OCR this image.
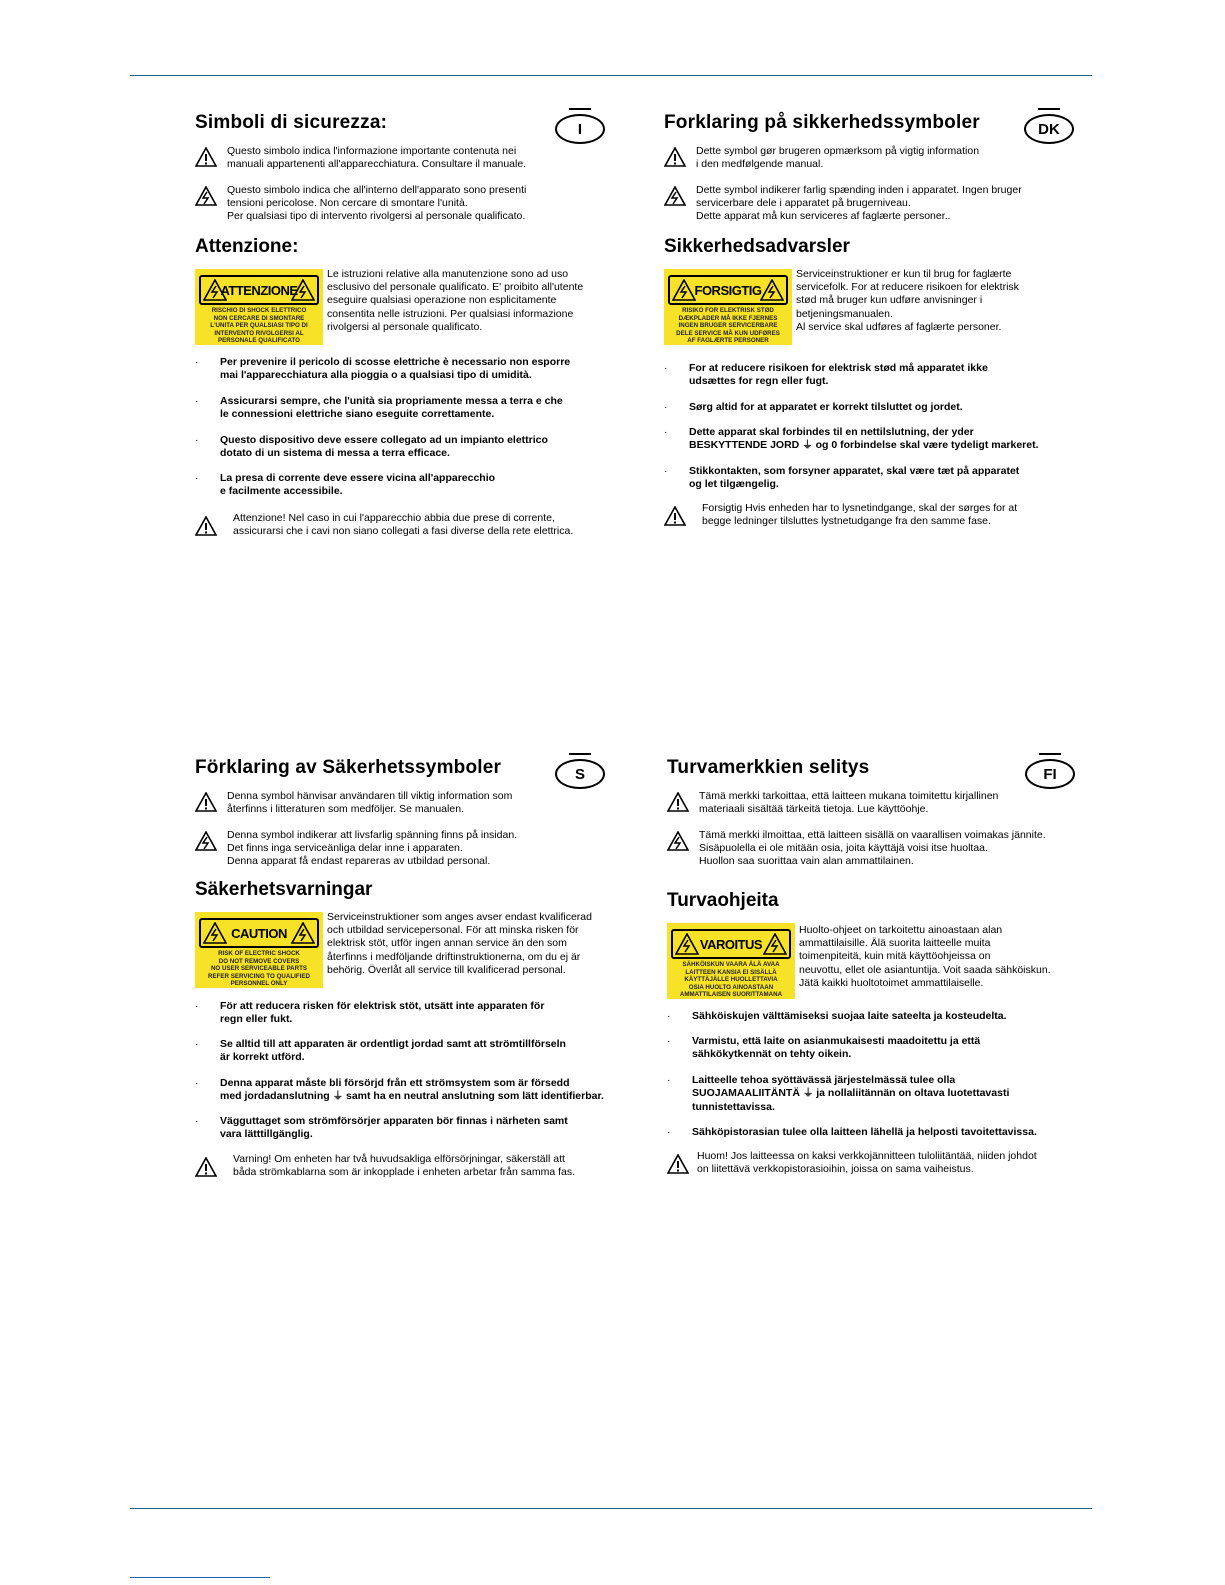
Simboli di sicurezza:	I
Questo simbolo indica l'informazione importante contenuta nei
manuali appartenenti all'apparecchiatura. Consultare il manuale.
Questo simbolo indica che all'interno dell'apparato sono presenti
tensioni pericolose. Non cercare di smontare l'unità.
Per qualsiasi tipo di intervento rivolgersi al personale qualificato.
Attenzione:
ATTENZIONE
RISCHIO DI SHOCK ELETTRICO
NON CERCARE DI SMONTARE
L'UNITA PER QUALSIASI TIPO DI
INTERVENTO RIVOLGERSI AL
PERSONALE QUALIFICATO
Le istruzioni relative alla manutenzione sono ad uso
esclusivo del personale qualificato. E' proibito all'utente
eseguire qualsiasi operazione non esplicitamente
consentita nelle istruzioni. Per qualsiasi informazione
rivolgersi al personale qualificato.
· Per prevenire il pericolo di scosse elettriche è necessario non esporre
mai l'apparecchiatura alla pioggia o a qualsiasi tipo di umidità.
· Assicurarsi sempre, che l'unità sia propriamente messa a terra e che
le connessioni elettriche siano eseguite correttamente.
· Questo dispositivo deve essere collegato ad un impianto elettrico
dotato di un sistema di messa a terra efficace.
· La presa di corrente deve essere vicina all'apparecchio
e facilmente accessibile.
Attenzione! Nel caso in cui l'apparecchio abbia due prese di corrente,
assicurarsi che i cavi non siano collegati a fasi diverse della rete elettrica.
Forklaring på sikkerhedssymboler	DK
Dette symbol gør brugeren opmærksom på vigtig information
i den medfølgende manual.
Dette symbol indikerer farlig spænding inden i apparatet. Ingen bruger
servicerbare dele i apparatet på brugerniveau.
Dette apparat må kun serviceres af faglærte personer..
Sikkerhedsadvarsler
FORSIGTIG
RISIKO FOR ELEKTRISK STØD
DÆKPLADER MÅ IKKE FJERNES
INGEN BRUGER SERVICERBARE
DELE SERVICE MÅ KUN UDFØRES
AF FAGLÆRTE PERSONER
Serviceinstruktioner er kun til brug for faglærte
servicefolk. For at reducere risikoen for elektrisk
stød må bruger kun udføre anvisninger i
betjeningsmanualen.
Al service skal udføres af faglærte personer.
· For at reducere risikoen for elektrisk stød må apparatet ikke
udsættes for regn eller fugt.
· Sørg altid for at apparatet er korrekt tilsluttet og jordet.
· Dette apparat skal forbindes til en nettilslutning, der yder
BESKYTTENDE JORD ⏚ og 0 forbindelse skal være tydeligt markeret.
· Stikkontakten, som forsyner apparatet, skal være tæt på apparatet
og let tilgængelig.
Forsigtig Hvis enheden har to lysnetindgange, skal der sørges for at
begge ledninger tilsluttes lystnetudgange fra den samme fase.
Förklaring av Säkerhetssymboler	S
Denna symbol hänvisar användaren till viktig information som
återfinns i litteraturen som medföljer. Se manualen.
Denna symbol indikerar att livsfarlig spänning finns på insidan.
Det finns inga serviceänliga delar inne i apparaten.
Denna apparat få endast repareras av utbildad personal.
Säkerhetsvarningar
CAUTION
RISK OF ELECTRIC SHOCK
DO NOT REMOVE COVERS
NO USER SERVICEABLE PARTS
REFER SERVICING TO QUALIFIED
PERSONNEL ONLY
Serviceinstruktioner som anges avser endast kvalificerad
och utbildad servicepersonal. För att minska risken för
elektrisk stöt, utför ingen annan service än den som
återfinns i medföljande driftinstruktionerna, om du ej är
behörig. Överlåt all service till kvalificerad personal.
· För att reducera risken för elektrisk stöt, utsätt inte apparaten för
regn eller fukt.
· Se alltid till att apparaten är ordentligt jordad samt att strömtillförseln
är korrekt utförd.
· Denna apparat måste bli försörjd från ett strömsystem som är försedd
med jordadanslutning ⏚ samt ha en neutral anslutning som lätt identifierbar.
· Vägguttaget som strömförsörjer apparaten bör finnas i närheten samt
vara lätttillgänglig.
Varning! Om enheten har två huvudsakliga elförsörjningar, säkerställ att
båda strömkablarna som är inkopplade i enheten arbetar från samma fas.
Turvamerkkien selitys	FI
Tämä merkki tarkoittaa, että laitteen mukana toimitettu kirjallinen
materiaali sisältää tärkeitä tietoja. Lue käyttöohje.
Tämä merkki ilmoittaa, että laitteen sisällä on vaarallisen voimakas jännite.
Sisäpuolella ei ole mitään osia, joita käyttäjä voisi itse huoltaa.
Huollon saa suorittaa vain alan ammattilainen.
Turvaohjeita
VAROITUS
SÄHKÖISKUN VAARA ÄLÄ AVAA
LAITTEEN KANSIA EI SISÄLLÄ
KÄYTTÄJÄLLE HUOLLETTAVIA
OSIA HUOLTO AINOASTAAN
AMMATTILAISEN SUORITTAMANA
Huolto-ohjeet on tarkoitettu ainoastaan alan
ammattilaisille. Älä suorita laitteelle muita
toimenpiteitä, kuin mitä käyttöohjeissa on
neuvottu, ellet ole asiantuntija. Voit saada sähköiskun.
Jätä kaikki huoltotoimet ammattilaiselle.
· Sähköiskujen välttämiseksi suojaa laite sateelta ja kosteudelta.
· Varmistu, että laite on asianmukaisesti maadoitettu ja että
sähkökytkennät on tehty oikein.
· Laitteelle tehoa syöttävässä järjestelmässä tulee olla
SUOJAMAALIITÄNTÄ ⏚ ja nollaliitännän on oltava luotettavasti
tunnistettavissa.
· Sähköpistorasian tulee olla laitteen lähellä ja helposti tavoitettavissa.
Huom! Jos laitteessa on kaksi verkkojännitteen tuloliitäntää, niiden johdot
on liitettävä verkkopistorasioihin, joissa on sama vaiheistus.
